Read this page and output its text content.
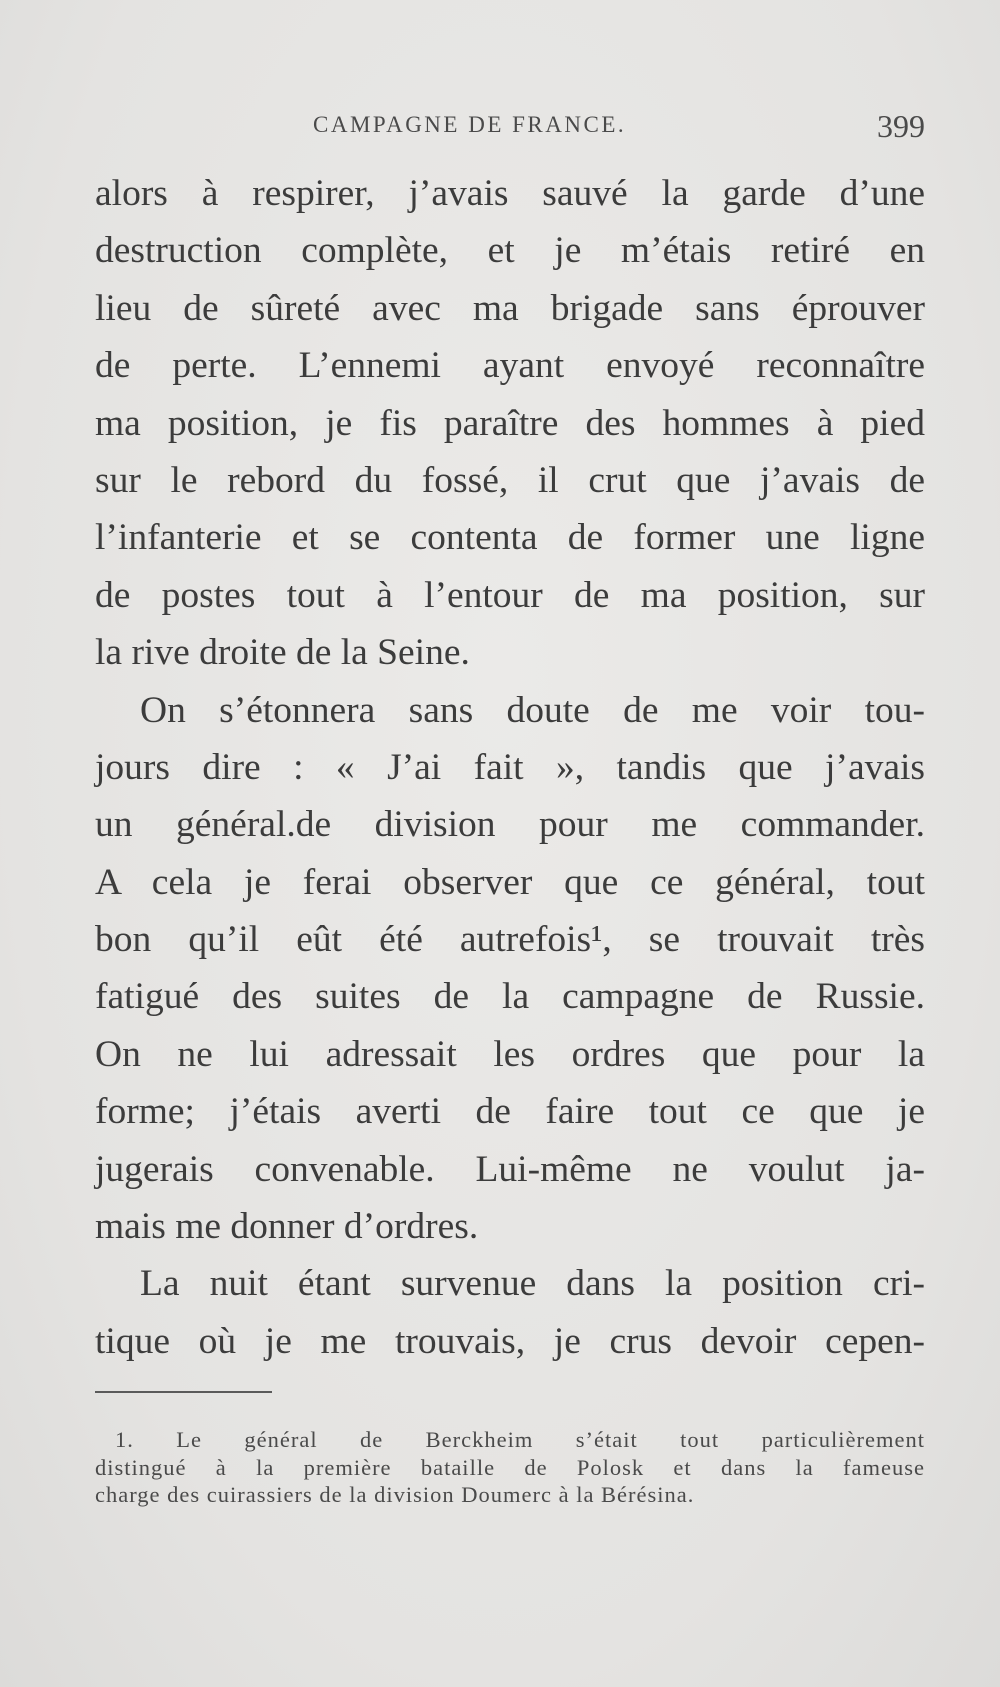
CAMPAGNE DE FRANCE.	399
alors à respirer, j’avais sauvé la garde d’une
destruction complète, et je m’étais retiré en
lieu de sûreté avec ma brigade sans éprouver
de perte. L’ennemi ayant envoyé reconnaître
ma position, je fis paraître des hommes à pied
sur le rebord du fossé, il crut que j’avais de
l’infanterie et se contenta de former une ligne
de postes tout à l’entour de ma position, sur
la rive droite de la Seine.
On s’étonnera sans doute de me voir tou-
jours dire : « J’ai fait », tandis que j’avais
un général.de division pour me commander.
A cela je ferai observer que ce général, tout
bon qu’il eût été autrefois¹, se trouvait très
fatigué des suites de la campagne de Russie.
On ne lui adressait les ordres que pour la
forme; j’étais averti de faire tout ce que je
jugerais convenable. Lui-même ne voulut ja-
mais me donner d’ordres.
La nuit étant survenue dans la position cri-
tique où je me trouvais, je crus devoir cepen-
1. Le général de Berckheim s’était tout particulièrement
distingué à la première bataille de Polosk et dans la fameuse
charge des cuirassiers de la division Doumerc à la Bérésina.
